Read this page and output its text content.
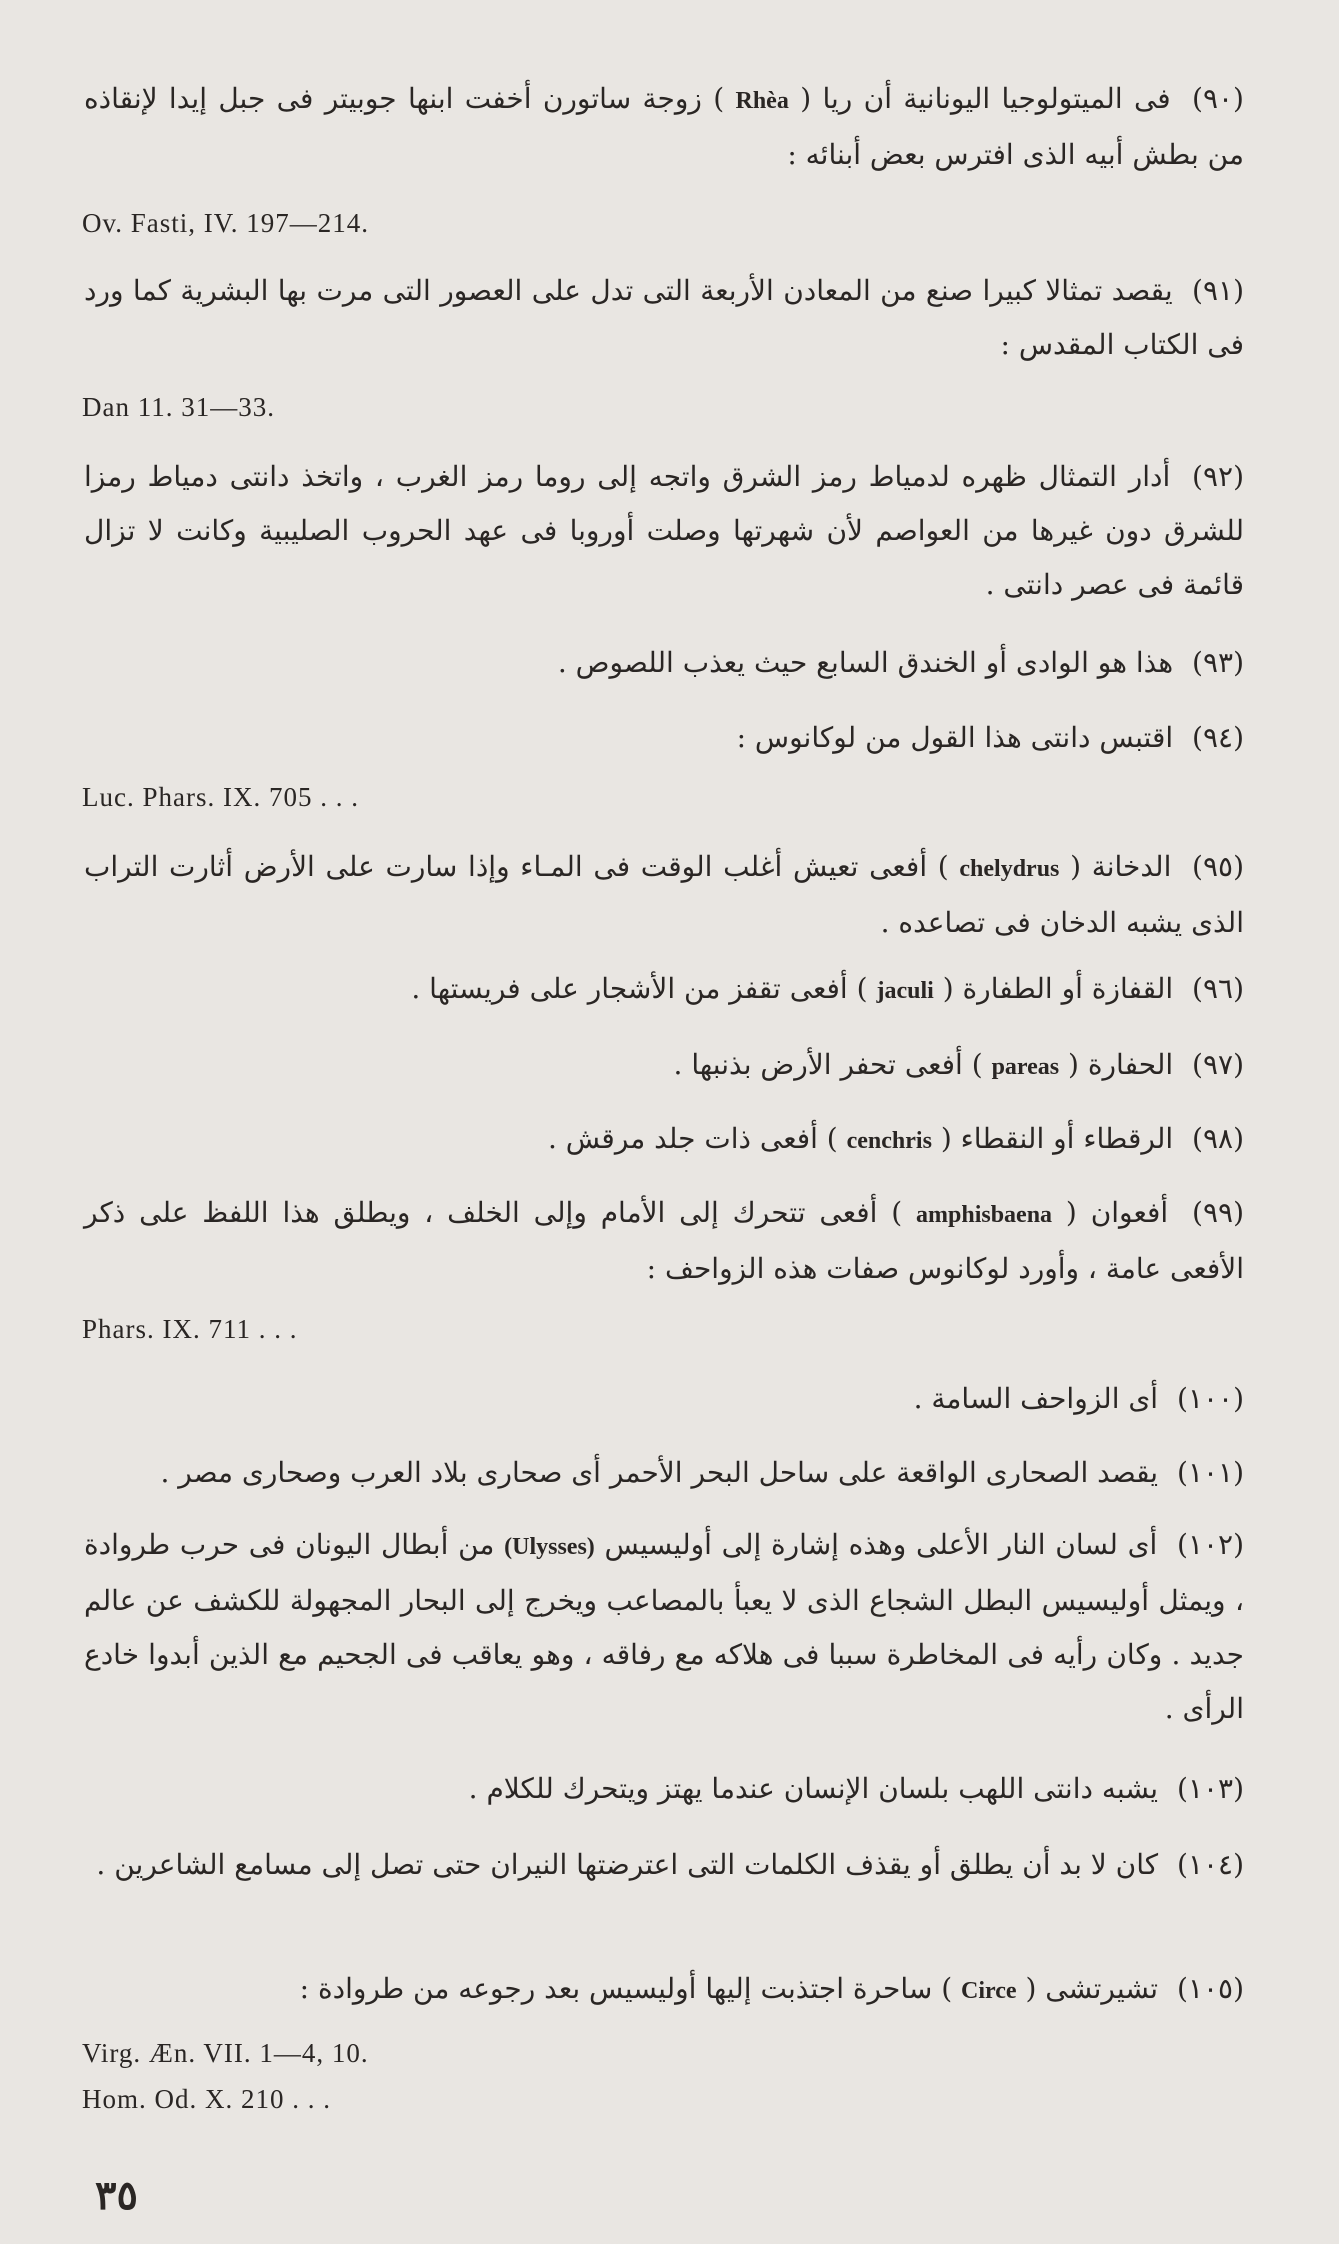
(٩٠) فى الميتولوجيا اليونانية أن ريا ( Rhèa ) زوجة ساتورن أخفت ابنها جوبيتر فى جبل إيدا لإنقاذه من بطش أبيه الذى افترس بعض أبنائه :

Ov. Fasti, IV. 197—214.

(٩١) يقصد تمثالا كبيرا صنع من المعادن الأربعة التى تدل على العصور التى مرت بها البشرية كما ورد فى الكتاب المقدس :

Dan 11. 31—33.

(٩٢) أدار التمثال ظهره لدمياط رمز الشرق واتجه إلى روما رمز الغرب ، واتخذ دانتى دمياط رمزا للشرق دون غيرها من العواصم لأن شهرتها وصلت أوروبا فى عهد الحروب الصليبية وكانت لا تزال قائمة فى عصر دانتى .

(٩٣) هذا هو الوادى أو الخندق السابع حيث يعذب اللصوص .

(٩٤) اقتبس دانتى هذا القول من لوكانوس :

Luc. Phars. IX. 705 . . .

(٩٥) الدخانة ( chelydrus ) أفعى تعيش أغلب الوقت فى المـاء وإذا سارت على الأرض أثارت التراب الذى يشبه الدخان فى تصاعده .

(٩٦) القفازة أو الطفارة ( jaculi ) أفعى تقفز من الأشجار على فريستها .

(٩٧) الحفارة ( pareas ) أفعى تحفر الأرض بذنبها .

(٩٨) الرقطاء أو النقطاء ( cenchris ) أفعى ذات جلد مرقش .

(٩٩) أفعوان ( amphisbaena ) أفعى تتحرك إلى الأمام وإلى الخلف ، ويطلق هذا اللفظ على ذكر الأفعى عامة ، وأورد لوكانوس صفات هذه الزواحف :

Phars. IX. 711 . . .

(١٠٠) أى الزواحف السامة .

(١٠١) يقصد الصحارى الواقعة على ساحل البحر الأحمر أى صحارى بلاد العرب وصحارى مصر .

(١٠٢) أى لسان النار الأعلى وهذه إشارة إلى أوليسيس (Ulysses) من أبطال اليونان فى حرب طروادة ، ويمثل أوليسيس البطل الشجاع الذى لا يعبأ بالمصاعب ويخرج إلى البحار المجهولة للكشف عن عالم جديد . وكان رأيه فى المخاطرة سببا فى هلاكه مع رفاقه ، وهو يعاقب فى الجحيم مع الذين أبدوا خادع الرأى .

(١٠٣) يشبه دانتى اللهب بلسان الإنسان عندما يهتز ويتحرك للكلام .

(١٠٤) كان لا بد أن يطلق أو يقذف الكلمات التى اعترضتها النيران حتى تصل إلى مسامع الشاعرين .

(١٠٥) تشيرتشى ( Circe ) ساحرة اجتذبت إليها أوليسيس بعد رجوعه من طروادة :

Virg. Æn. VII. 1—4, 10.
Hom. Od. X. 210 . . .
٣٥
